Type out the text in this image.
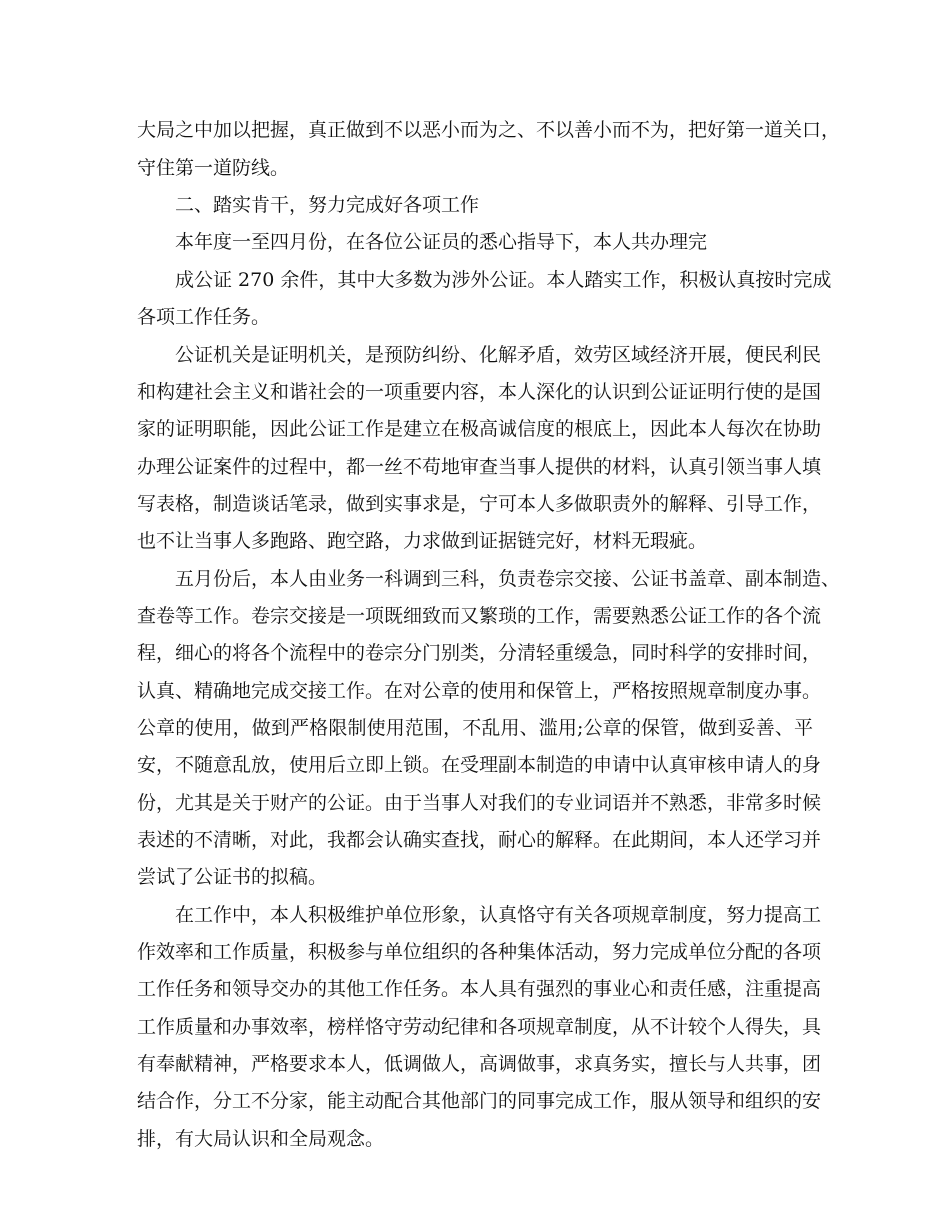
大局之中加以把握，真正做到不以恶小而为之、不以善小而不为，把好第一道关口，
守住第一道防线。
二、踏实肯干，努力完成好各项工作
本年度一至四月份，在各位公证员的悉心指导下，本人共办理完
成公证 270 余件，其中大多数为涉外公证。本人踏实工作，积极认真按时完成
各项工作任务。
公证机关是证明机关，是预防纠纷、化解矛盾，效劳区域经济开展，便民利民
和构建社会主义和谐社会的一项重要内容，本人深化的认识到公证证明行使的是国
家的证明职能，因此公证工作是建立在极高诚信度的根底上，因此本人每次在协助
办理公证案件的过程中，都一丝不苟地审查当事人提供的材料，认真引领当事人填
写表格，制造谈话笔录，做到实事求是，宁可本人多做职责外的解释、引导工作，
也不让当事人多跑路、跑空路，力求做到证据链完好，材料无瑕疵。
五月份后，本人由业务一科调到三科，负责卷宗交接、公证书盖章、副本制造、
查卷等工作。卷宗交接是一项既细致而又繁琐的工作，需要熟悉公证工作的各个流
程，细心的将各个流程中的卷宗分门别类，分清轻重缓急，同时科学的安排时间，
认真、精确地完成交接工作。在对公章的使用和保管上，严格按照规章制度办事。
公章的使用，做到严格限制使用范围，不乱用、滥用;公章的保管，做到妥善、平
安，不随意乱放，使用后立即上锁。在受理副本制造的申请中认真审核申请人的身
份，尤其是关于财产的公证。由于当事人对我们的专业词语并不熟悉，非常多时候
表述的不清晰，对此，我都会认确实查找，耐心的解释。在此期间，本人还学习并
尝试了公证书的拟稿。
在工作中，本人积极维护单位形象，认真恪守有关各项规章制度，努力提高工
作效率和工作质量，积极参与单位组织的各种集体活动，努力完成单位分配的各项
工作任务和领导交办的其他工作任务。本人具有强烈的事业心和责任感，注重提高
工作质量和办事效率，榜样恪守劳动纪律和各项规章制度，从不计较个人得失，具
有奉献精神，严格要求本人，低调做人，高调做事，求真务实，擅长与人共事，团
结合作，分工不分家，能主动配合其他部门的同事完成工作，服从领导和组织的安
排，有大局认识和全局观念。
